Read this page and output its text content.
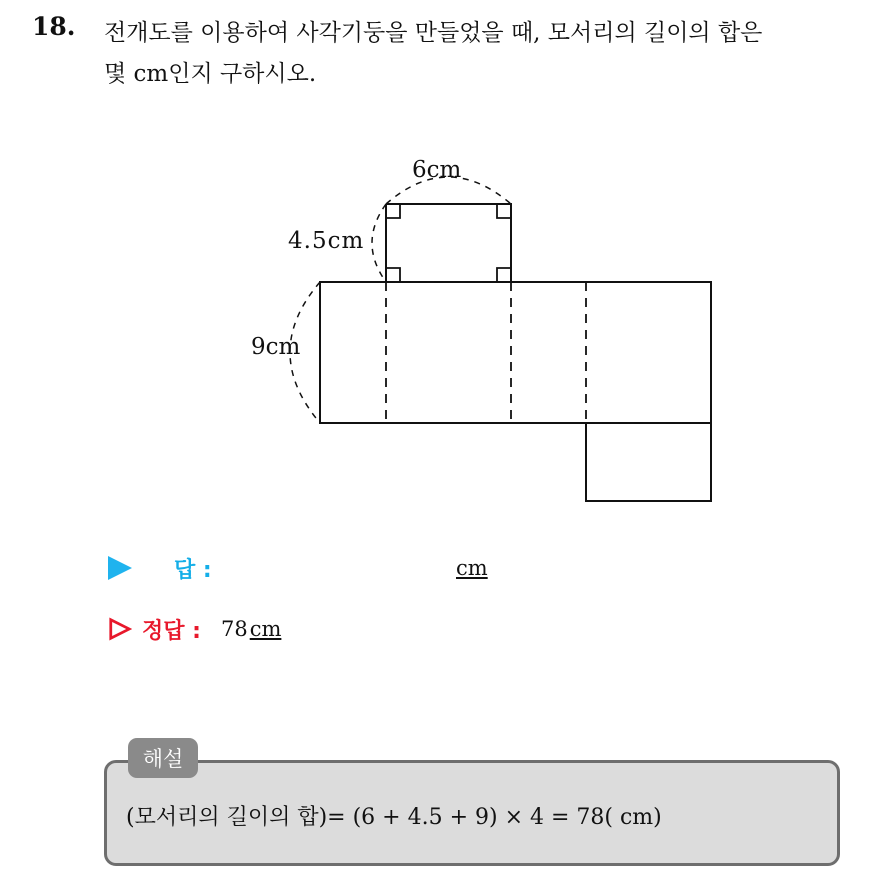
18. 전개도를 이용하여 사각기둥을 만들었을 때, 모서리의 길이의 합은
몇 cm인지 구하시오.
6cm
4.5cm
9cm
답 :	cm
정답 : 78 cm
해설
(모서리의 길이의 합)= (6 + 4.5 + 9) × 4 = 78( cm)
